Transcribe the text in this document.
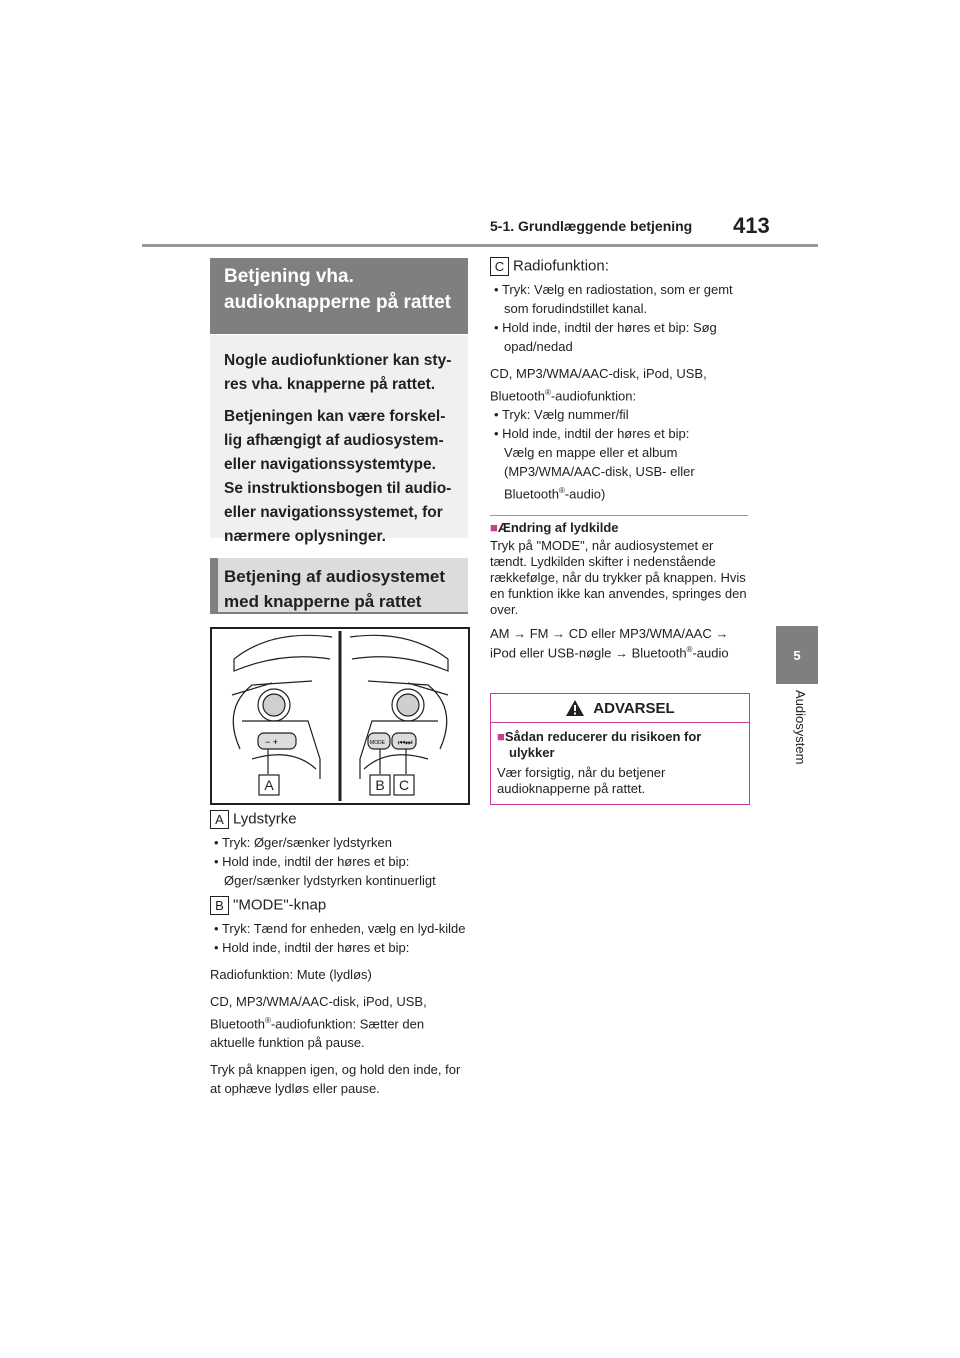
5-1. Grundlæggende betjening 413
5
Audiosystem
Betjening vha. audioknapperne på rattet

Nogle audiofunktioner kan sty-res vha. knapperne på rattet.

Betjeningen kan være forskel-lig afhængigt af audiosystem-eller navigationssystemtype.

Se instruktionsbogen til audio-eller navigationssystemet, for nærmere oplysninger.

Betjening af audiosystemet med knapperne på rattet
− +	MODE ⏮⏭
A	B C
A Lydstyrke
• Tryk: Øger/sænker lydstyrken
• Hold inde, indtil der høres et bip:
Øger/sænker lydstyrken kontinuerligt
B "MODE"-knap
• Tryk: Tænd for enheden, vælg en lyd-kilde
• Hold inde, indtil der høres et bip:
Radiofunktion: Mute (lydløs)
CD, MP3/WMA/AAC-disk, iPod, USB, Bluetooth®-audiofunktion: Sætter den aktuelle funktion på pause.
Tryk på knappen igen, og hold den inde, for at ophæve lydløs eller pause.
C Radiofunktion:
• Tryk: Vælg en radiostation, som er gemt som forudindstillet kanal.
• Hold inde, indtil der høres et bip: Søg opad/nedad
CD, MP3/WMA/AAC-disk, iPod, USB, Bluetooth®-audiofunktion:
• Tryk: Vælg nummer/fil
• Hold inde, indtil der høres et bip:
Vælg en mappe eller et album (MP3/WMA/AAC-disk, USB- eller Bluetooth®-audio)
■Ændring af lydkilde
Tryk på "MODE", når audiosystemet er tændt. Lydkilden skifter i nedenstående rækkefølge, når du trykker på knappen. Hvis en funktion ikke kan anvendes, springes den over.
AM → FM → CD eller MP3/WMA/AAC → iPod eller USB-nøgle → Bluetooth®-audio
ADVARSEL
■Sådan reducerer du risikoen for ulykker
Vær forsigtig, når du betjener audioknapperne på rattet.
